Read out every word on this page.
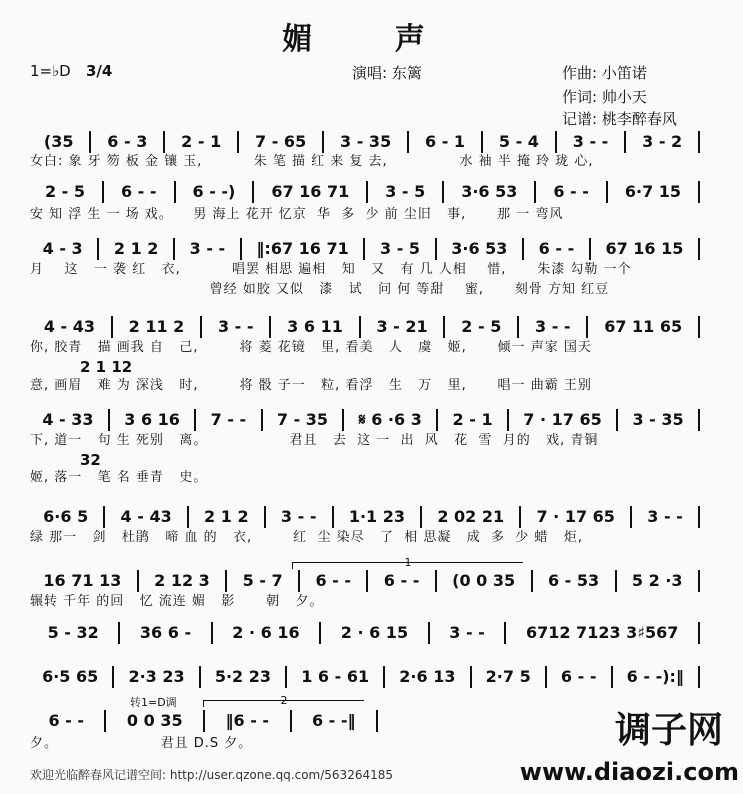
媚 声
1=♭D 3/4	演唱: 东篱	作曲: 小笛诺
作词: 帅小天
记谱: 桃李醉春风
(35	6 - 3	2 - 1	7 - 65	3 - 35	6 - 1	5 - 4	3 - -	3 - 2
女白: 象 牙 笏 板 金 镶 玉,          朱 笔 描 红 来 复 去,              水 袖 半 掩 玲 珑 心,
2 - 5	6 - -	6 - -)	67 16 71	3 - 5	3·6 53	6 - -	6·7 15
安 知 浮 生 一 场 戏。    男 海上 花开 忆京  华  多  少 前 尘旧   事,      那 一 弯风
4 - 3	2 1 2	3 - -	‖:67 16 71	3 - 5	3·6 53	6 - -	67 16 15
月    这   一 袭 红   衣,          唱罢 相思 遍相   知   又   有 几 人相    惜,      朱漆 勾勒 一个
曾经 如胶 又似   漆   试   问 何 等甜    蜜,      刻骨 方知 红豆
4 - 43	2 11 2	3 - -	3 6 11	3 - 21	2 - 5	3 - -	67 11 65
你, 胶青   描 画我 自   己,        将 菱 花镜   里, 看美   人   虞   姬,      倾一 声家 国天
2 1 12
意, 画眉   难 为 深浅   时,        将 骰 子一   粒, 看浮   生   万   里,      唱一 曲霸 王别
4 - 33	3 6 16	7 - -	7 - 35	𝄋 6 ·6 3	2 - 1	7 · 17 65	3 - 35
下, 道一   句 生 死别   离。                君且   去  这 一  出  风   花  雪  月的   戏, 青铜
32
姬, 落一   笔 名 垂青   史。
6·6 5	4 - 43	2 1 2	3 - -	1·1 23	2 02 21	7 · 17 65	3 - -
绿 那一   剑   杜鹃   啼 血 的   衣,        红  尘 染尽   了  相 思凝   成  多  少 蜡   炬,
16 71 13	2 12 3	5 - 7	6 - -	6 - -	(0 0 35	6 - 53	5 2 ·3
辗转 千年 的回   忆 流连 媚   影      朝   夕。
1
5 - 32	36 6 -	2 · 6 16	2 · 6 15	3 - -	6712 7123 3♯567
6·5 65	2·3 23	5·2 23	1 6 - 61	2·6 13	2·7 5	6 - -	6 - -):‖
6 - -	0 0 35	‖6 - -	6 - -‖
夕。                    君且 D.S 夕。
2
转1=D调
欢迎光临醉春风记谱空间: http://user.qzone.qq.com/563264185
调子网
www.diaozi.com
